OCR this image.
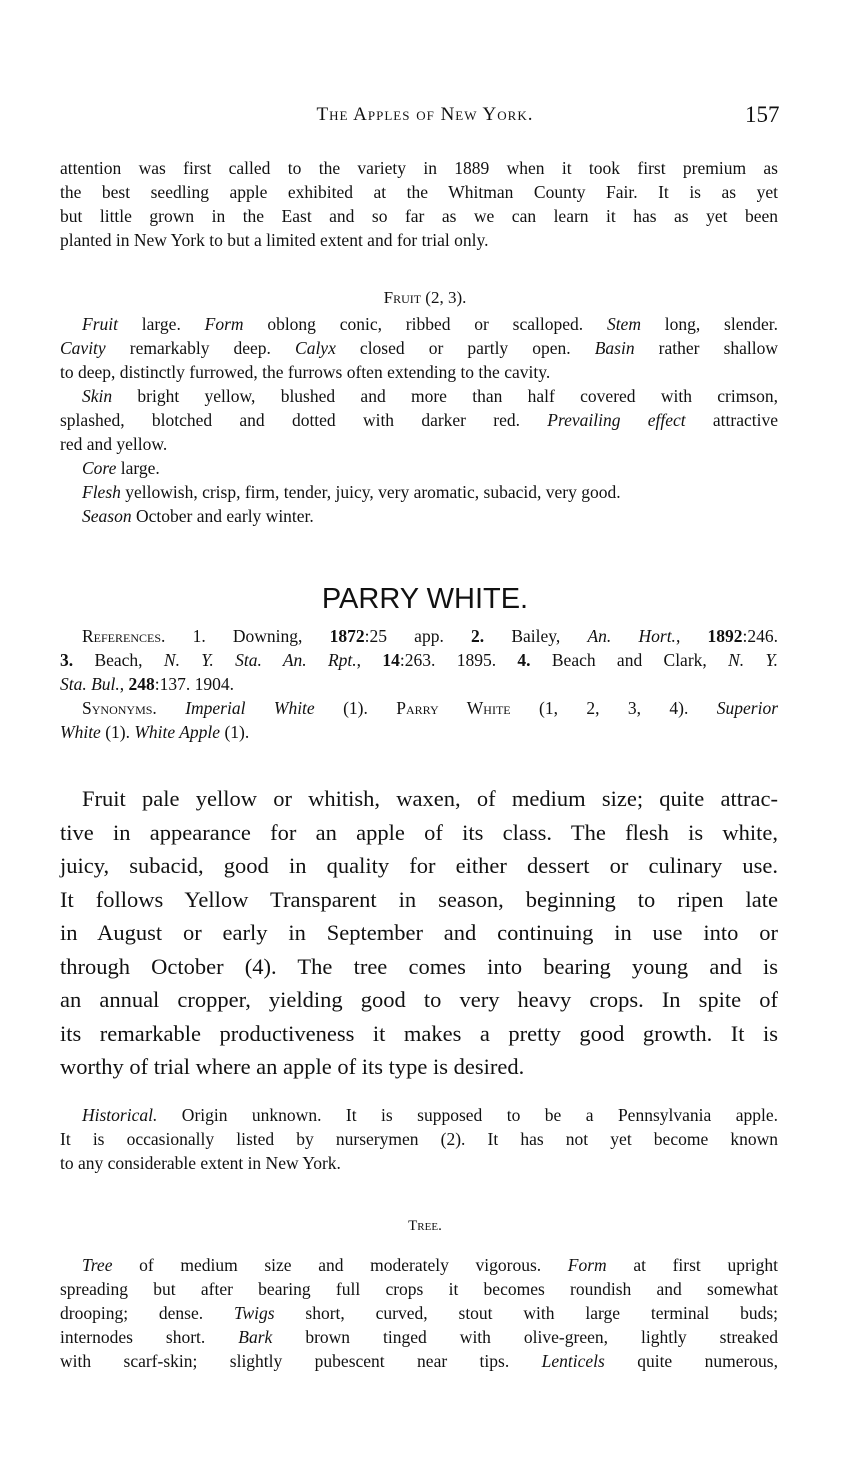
The Apples of New York.	157
attention was first called to the variety in 1889 when it took first premium as
the best seedling apple exhibited at the Whitman County Fair. It is as yet
but little grown in the East and so far as we can learn it has as yet been
planted in New York to but a limited extent and for trial only.
Fruit (2, 3).
Fruit large. Form oblong conic, ribbed or scalloped. Stem long, slender.
Cavity remarkably deep. Calyx closed or partly open. Basin rather shallow
to deep, distinctly furrowed, the furrows often extending to the cavity.
Skin bright yellow, blushed and more than half covered with crimson,
splashed, blotched and dotted with darker red. Prevailing effect attractive
red and yellow.
Core large.
Flesh yellowish, crisp, firm, tender, juicy, very aromatic, subacid, very good.
Season October and early winter.
PARRY WHITE.
References. 1. Downing, 1872:25 app. 2. Bailey, An. Hort., 1892:246.
3. Beach, N. Y. Sta. An. Rpt., 14:263. 1895. 4. Beach and Clark, N. Y.
Sta. Bul., 248:137. 1904.
Synonyms. Imperial White (1). Parry White (1, 2, 3, 4). Superior
White (1). White Apple (1).
Fruit pale yellow or whitish, waxen, of medium size; quite attrac-
tive in appearance for an apple of its class. The flesh is white,
juicy, subacid, good in quality for either dessert or culinary use.
It follows Yellow Transparent in season, beginning to ripen late
in August or early in September and continuing in use into or
through October (4). The tree comes into bearing young and is
an annual cropper, yielding good to very heavy crops. In spite of
its remarkable productiveness it makes a pretty good growth. It is
worthy of trial where an apple of its type is desired.
Historical. Origin unknown. It is supposed to be a Pennsylvania apple.
It is occasionally listed by nurserymen (2). It has not yet become known
to any considerable extent in New York.
Tree.
Tree of medium size and moderately vigorous. Form at first upright
spreading but after bearing full crops it becomes roundish and somewhat
drooping; dense. Twigs short, curved, stout with large terminal buds;
internodes short. Bark brown tinged with olive-green, lightly streaked
with scarf-skin; slightly pubescent near tips. Lenticels quite numerous,
